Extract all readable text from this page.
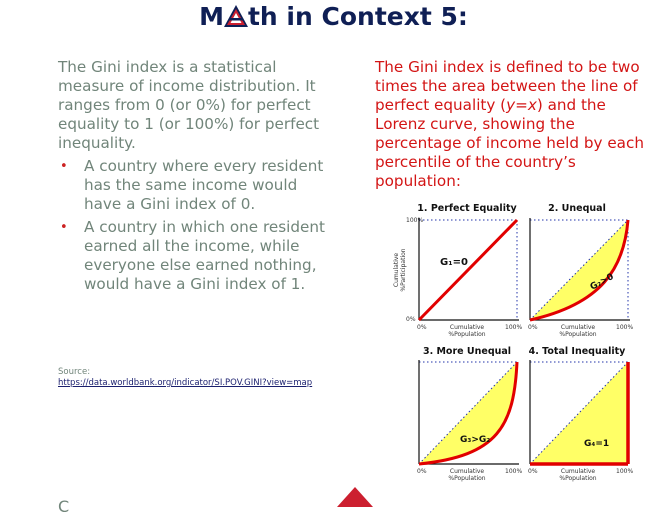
M th in Context 5:

The Gini index is a statistical measure of income distribution. It ranges from 0 (or 0%) for perfect equality to 1 (or 100%) for perfect inequality.

• A country where every resident has the same income would have a Gini index of 0.
• A country in which one resident earned all the income, while everyone else earned nothing, would have a Gini index of 1.
Source:
https://data.worldbank.org/indicator/SI.POV.GINI?view=map
The Gini index is defined to be two times the area between the line of perfect equality (y=x) and the Lorenz curve, showing the percentage of income held by each percentile of the country’s population:
1. Perfect Equality	2. Unequal
3. More Unequal 4. Total Inequality
Cumulative %Participation
100%
0%
G₁=0
G₂>0
0%	Cumulative
%Population
100% 0%	Cumulative
%Population
100%
G₃>G₂	G₄=1
0%	Cumulative
%Population
100% 0%	Cumulative
%Population
100%
C
